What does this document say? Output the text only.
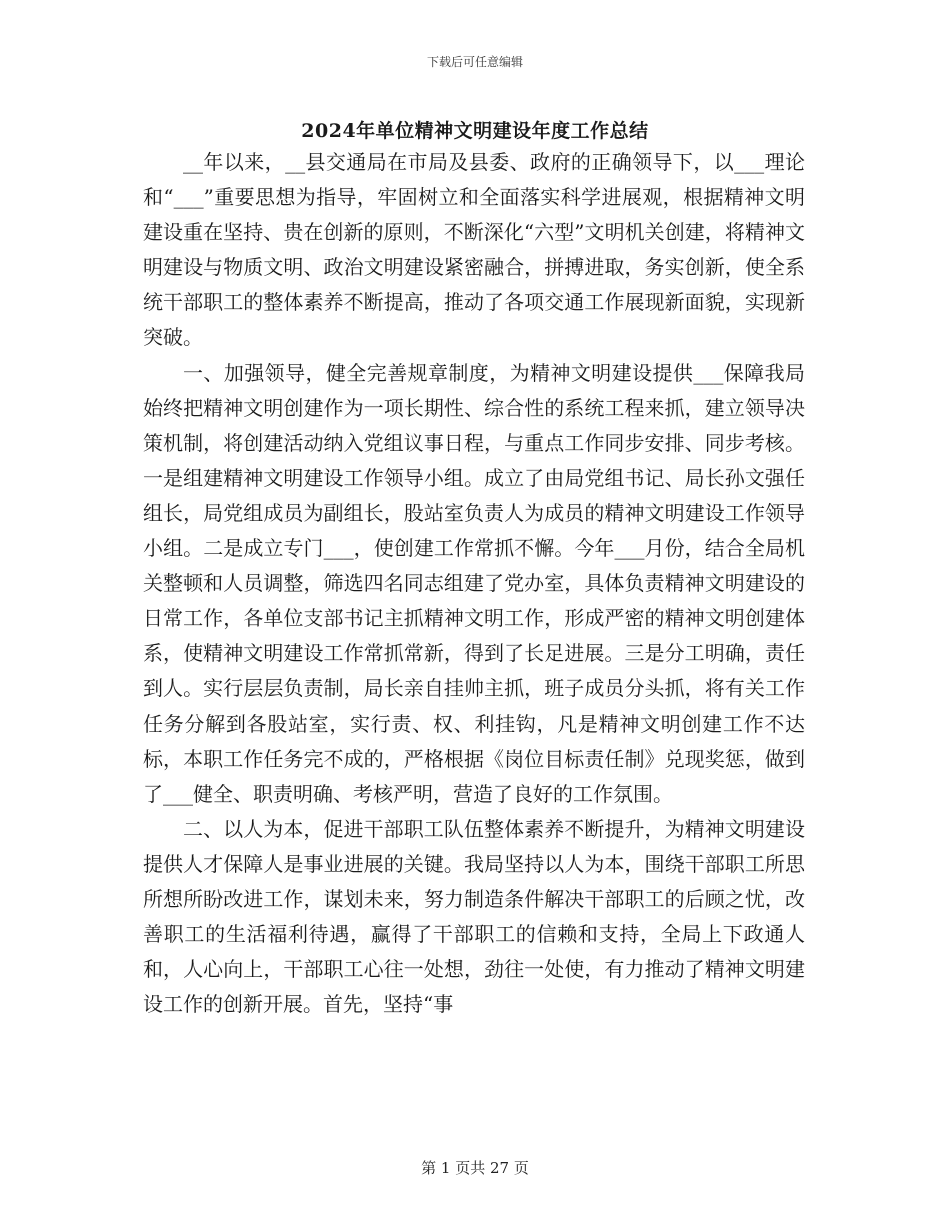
下载后可任意编辑
2024年单位精神文明建设年度工作总结

__年以来，__县交通局在市局及县委、政府的正确领导下，以___理论和“___”重要思想为指导，牢固树立和全面落实科学进展观，根据精神文明建设重在坚持、贵在创新的原则，不断深化“六型”文明机关创建，将精神文明建设与物质文明、政治文明建设紧密融合，拼搏进取，务实创新，使全系统干部职工的整体素养不断提高，推动了各项交通工作展现新面貌，实现新突破。

一、加强领导，健全完善规章制度，为精神文明建设提供___保障我局始终把精神文明创建作为一项长期性、综合性的系统工程来抓，建立领导决策机制，将创建活动纳入党组议事日程，与重点工作同步安排、同步考核。一是组建精神文明建设工作领导小组。成立了由局党组书记、局长孙文强任组长，局党组成员为副组长，股站室负责人为成员的精神文明建设工作领导小组。二是成立专门___，使创建工作常抓不懈。今年___月份，结合全局机关整顿和人员调整，筛选四名同志组建了党办室，具体负责精神文明建设的日常工作，各单位支部书记主抓精神文明工作，形成严密的精神文明创建体系，使精神文明建设工作常抓常新，得到了长足进展。三是分工明确，责任到人。实行层层负责制，局长亲自挂帅主抓，班子成员分头抓，将有关工作任务分解到各股站室，实行责、权、利挂钩，凡是精神文明创建工作不达标，本职工作任务完不成的，严格根据《岗位目标责任制》兑现奖惩，做到了___健全、职责明确、考核严明，营造了良好的工作氛围。

二、以人为本，促进干部职工队伍整体素养不断提升，为精神文明建设提供人才保障人是事业进展的关键。我局坚持以人为本，围绕干部职工所思所想所盼改进工作，谋划未来，努力制造条件解决干部职工的后顾之忧，改善职工的生活福利待遇，赢得了干部职工的信赖和支持，全局上下政通人和，人心向上，干部职工心往一处想，劲往一处使，有力推动了精神文明建设工作的创新开展。首先，坚持“事

第 1 页共 27 页
